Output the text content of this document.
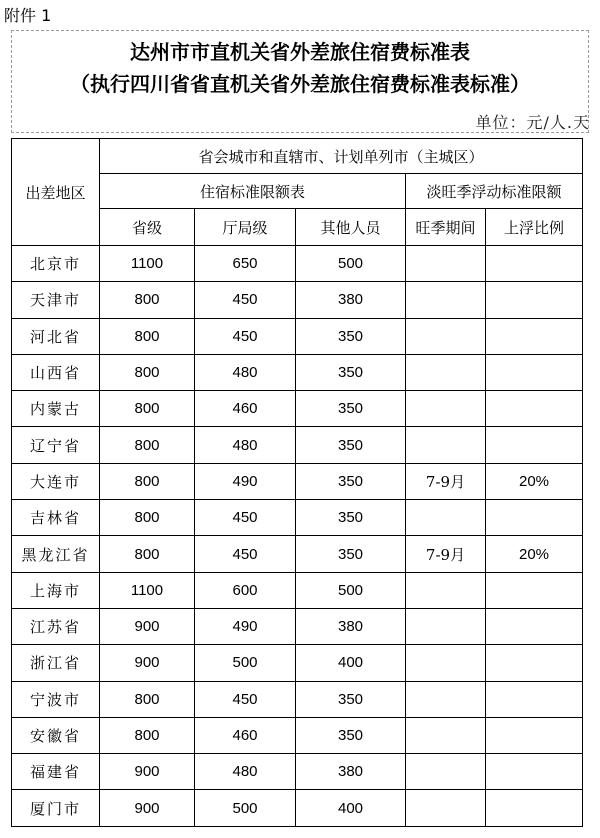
附件 1
达州市市直机关省外差旅住宿费标准表
（执行四川省省直机关省外差旅住宿费标准表标准）
单位：元/人.天
出差地区	省会城市和直辖市、计划单列市（主城区）				
	住宿标准限额表			淡旺季浮动标准限额	
	省级	厅局级	其他人员	旺季期间	上浮比例
北京市	1100	650	500		
天津市	800	450	380		
河北省	800	450	350		
山西省	800	480	350		
内蒙古	800	460	350		
辽宁省	800	480	350		
大连市	800	490	350	7-9月	20%
吉林省	800	450	350		
黑龙江省	800	450	350	7-9月	20%
上海市	1100	600	500		
江苏省	900	490	380		
浙江省	900	500	400		
宁波市	800	450	350		
安徽省	800	460	350		
福建省	900	480	380		
厦门市	900	500	400		
